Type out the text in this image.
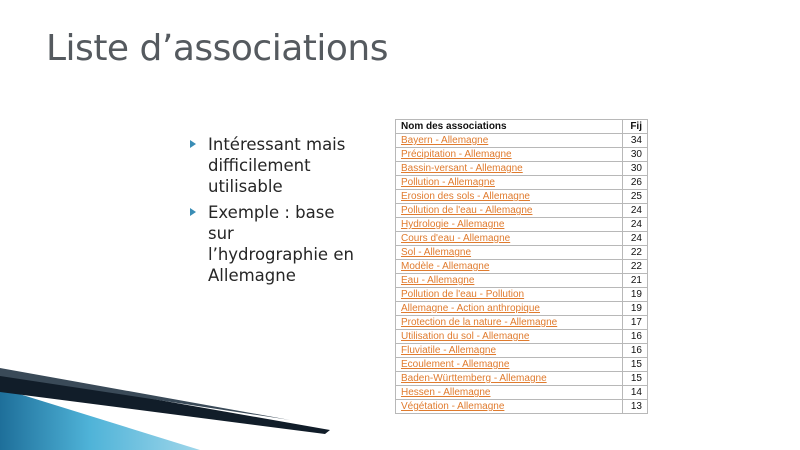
Liste d’associations
Intéressant mais difficilement utilisable
Exemple : base sur l’hydrographie en Allemagne
Nom des associations	Fij
Bayern - Allemagne	34
Précipitation - Allemagne	30
Bassin-versant - Allemagne	30
Pollution - Allemagne	26
Erosion des sols - Allemagne	25
Pollution de l'eau - Allemagne	24
Hydrologie - Allemagne	24
Cours d'eau - Allemagne	24
Sol - Allemagne	22
Modèle - Allemagne	22
Eau - Allemagne	21
Pollution de l'eau - Pollution	19
Allemagne - Action anthropique	19
Protection de la nature - Allemagne	17
Utilisation du sol - Allemagne	16
Fluviatile - Allemagne	16
Ecoulement - Allemagne	15
Baden-Württemberg - Allemagne	15
Hessen - Allemagne	14
Végétation - Allemagne	13
